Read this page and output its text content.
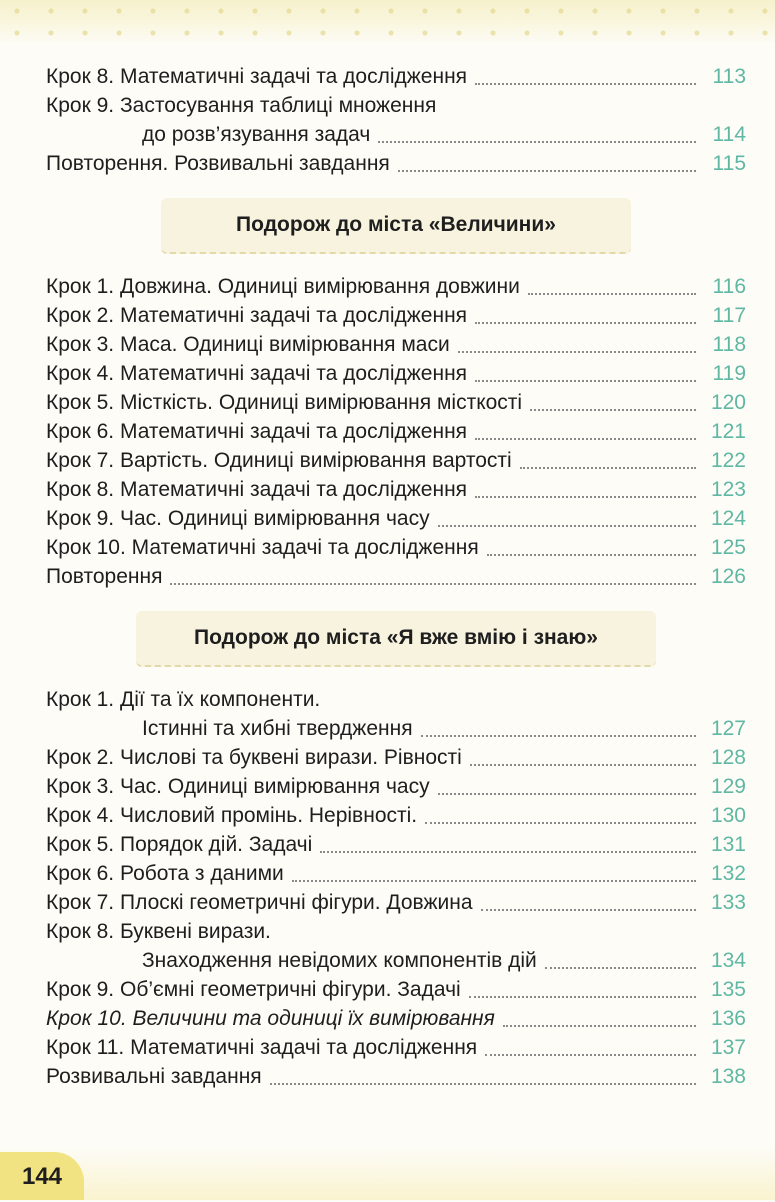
Крок 8. Математичні задачі та дослідження	113
Крок 9. Застосування таблиці множення
до розв’язування задач	114
Повторення. Розвивальні завдання	115
Подорож до міста «Величини»
Крок 1. Довжина. Одиниці вимірювання довжини	116
Крок 2. Математичні задачі та дослідження	117
Крок 3. Маса. Одиниці вимірювання маси	118
Крок 4. Математичні задачі та дослідження	119
Крок 5. Місткість. Одиниці вимірювання місткості	120
Крок 6. Математичні задачі та дослідження	121
Крок 7. Вартість. Одиниці вимірювання вартості	122
Крок 8. Математичні задачі та дослідження	123
Крок 9. Час. Одиниці вимірювання часу	124
Крок 10. Математичні задачі та дослідження	125
Повторення	126
Подорож до міста «Я вже вмію і знаю»
Крок 1. Дії та їх компоненти.
Істинні та хибні твердження	127
Крок 2. Числові та буквені вирази. Рівності	128
Крок 3. Час. Одиниці вимірювання часу	129
Крок 4. Числовий промінь. Нерівності.	130
Крок 5. Порядок дій. Задачі	131
Крок 6. Робота з даними	132
Крок 7. Плоскі геометричні фігури. Довжина	133
Крок 8. Буквені вирази.
Знаходження невідомих компонентів дій	134
Крок 9. Об’ємні геометричні фігури. Задачі	135
Крок 10. Величини та одиниці їх вимірювання	136
Крок 11. Математичні задачі та дослідження	137
Розвивальні завдання	138
144
